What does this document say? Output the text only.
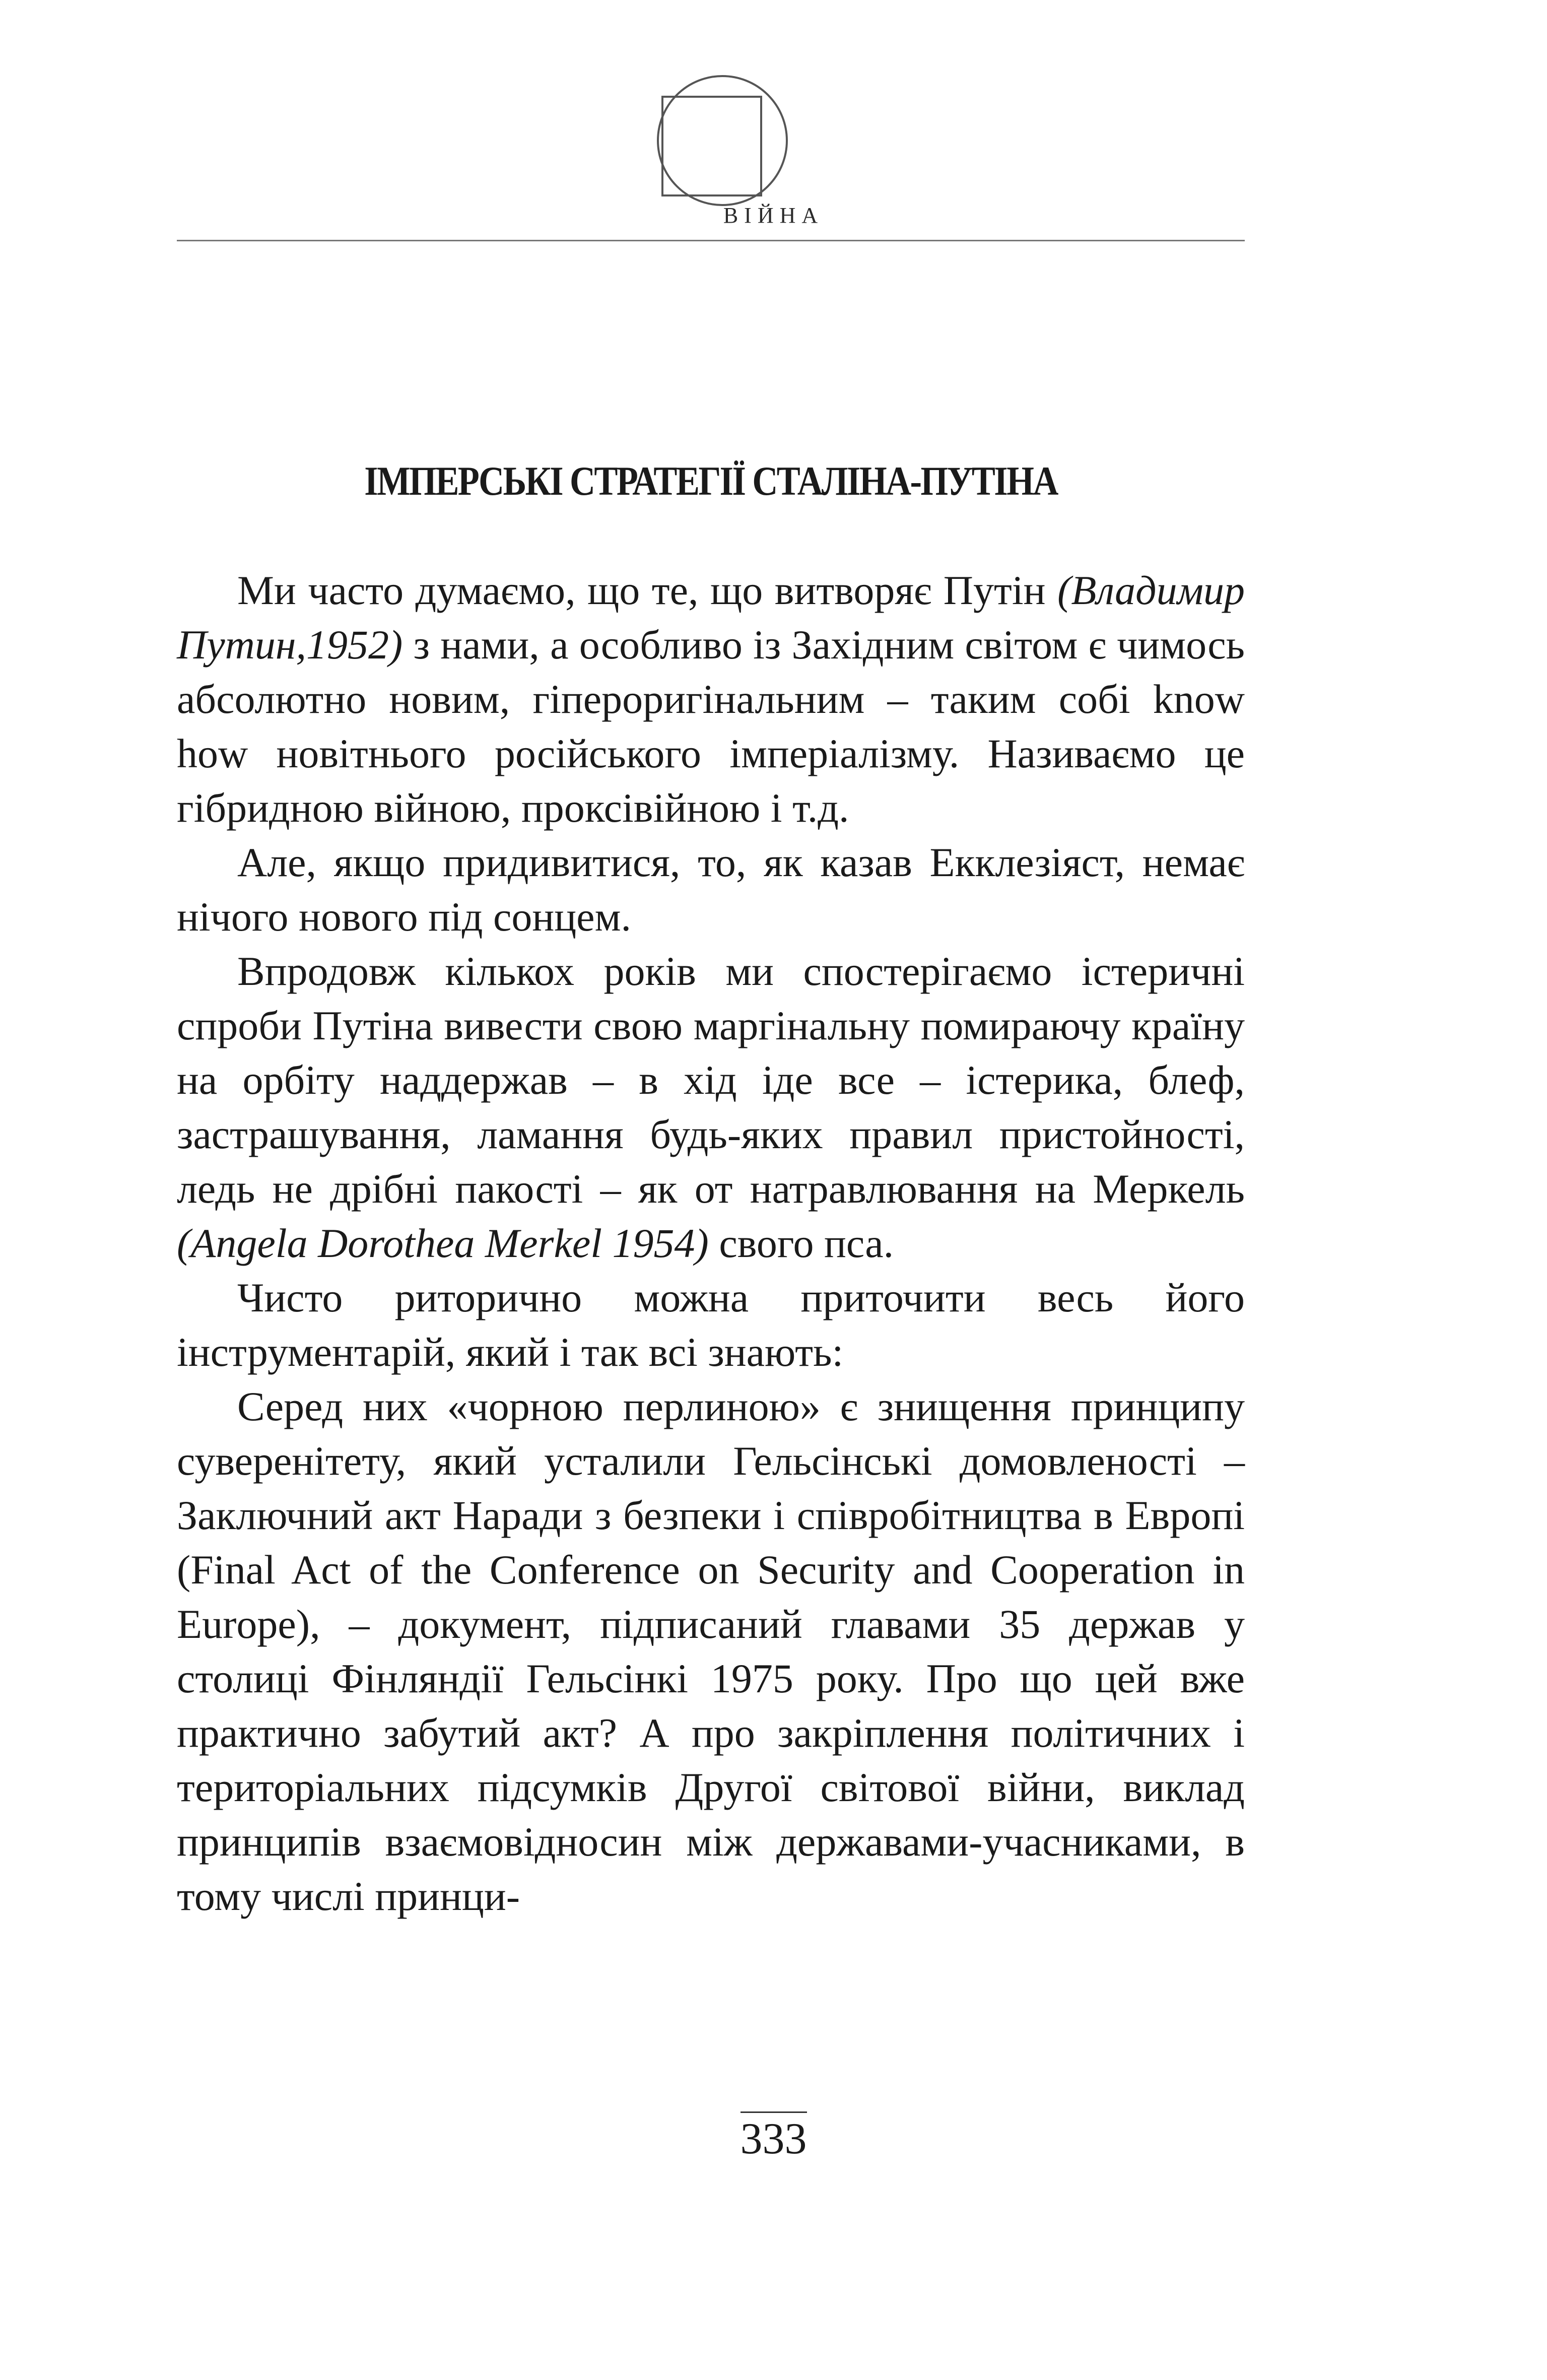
ВІЙНА
ІМПЕРСЬКІ СТРАТЕГІЇ СТАЛІНА-ПУТІНА

Ми часто думаємо, що те, що витворяє Путін (Владимир Путин,1952) з нами, а особливо із Західним світом є чимось абсолютно новим, гіпероригінальним – таким собі know how новітнього російського імперіалізму. Називаємо це гібридною війною, проксівійною і т.д.

Але, якщо придивитися, то, як казав Екклезіяст, немає нічого нового під сонцем.

Впродовж кількох років ми спостерігаємо істеричні спроби Путіна вивести свою маргінальну помираючу країну на орбіту наддержав – в хід іде все – істерика, блеф, застрашування, ламання будь-яких правил пристойності, ледь не дрібні пакості – як от натравлювання на Меркель (Angela Dorothea Merkel 1954) свого пса.

Чисто риторично можна приточити весь його інструментарій, який і так всі знають:

Серед них «чорною перлиною» є знищення принципу суверенітету, який усталили Гельсінські домовленості – Заключний акт Наради з безпеки і співробітництва в Европі (Final Act of the Conference on Security and Cooperation in Europe), – документ, підписаний главами 35 держав у столиці Фінляндії Гельсінкі 1975 року. Про що цей вже практично забутий акт? А про закріплення політичних і територіальних підсумків Другої світової війни, виклад принципів взаємовідносин між державами-учасниками, в тому числі принци-

333
